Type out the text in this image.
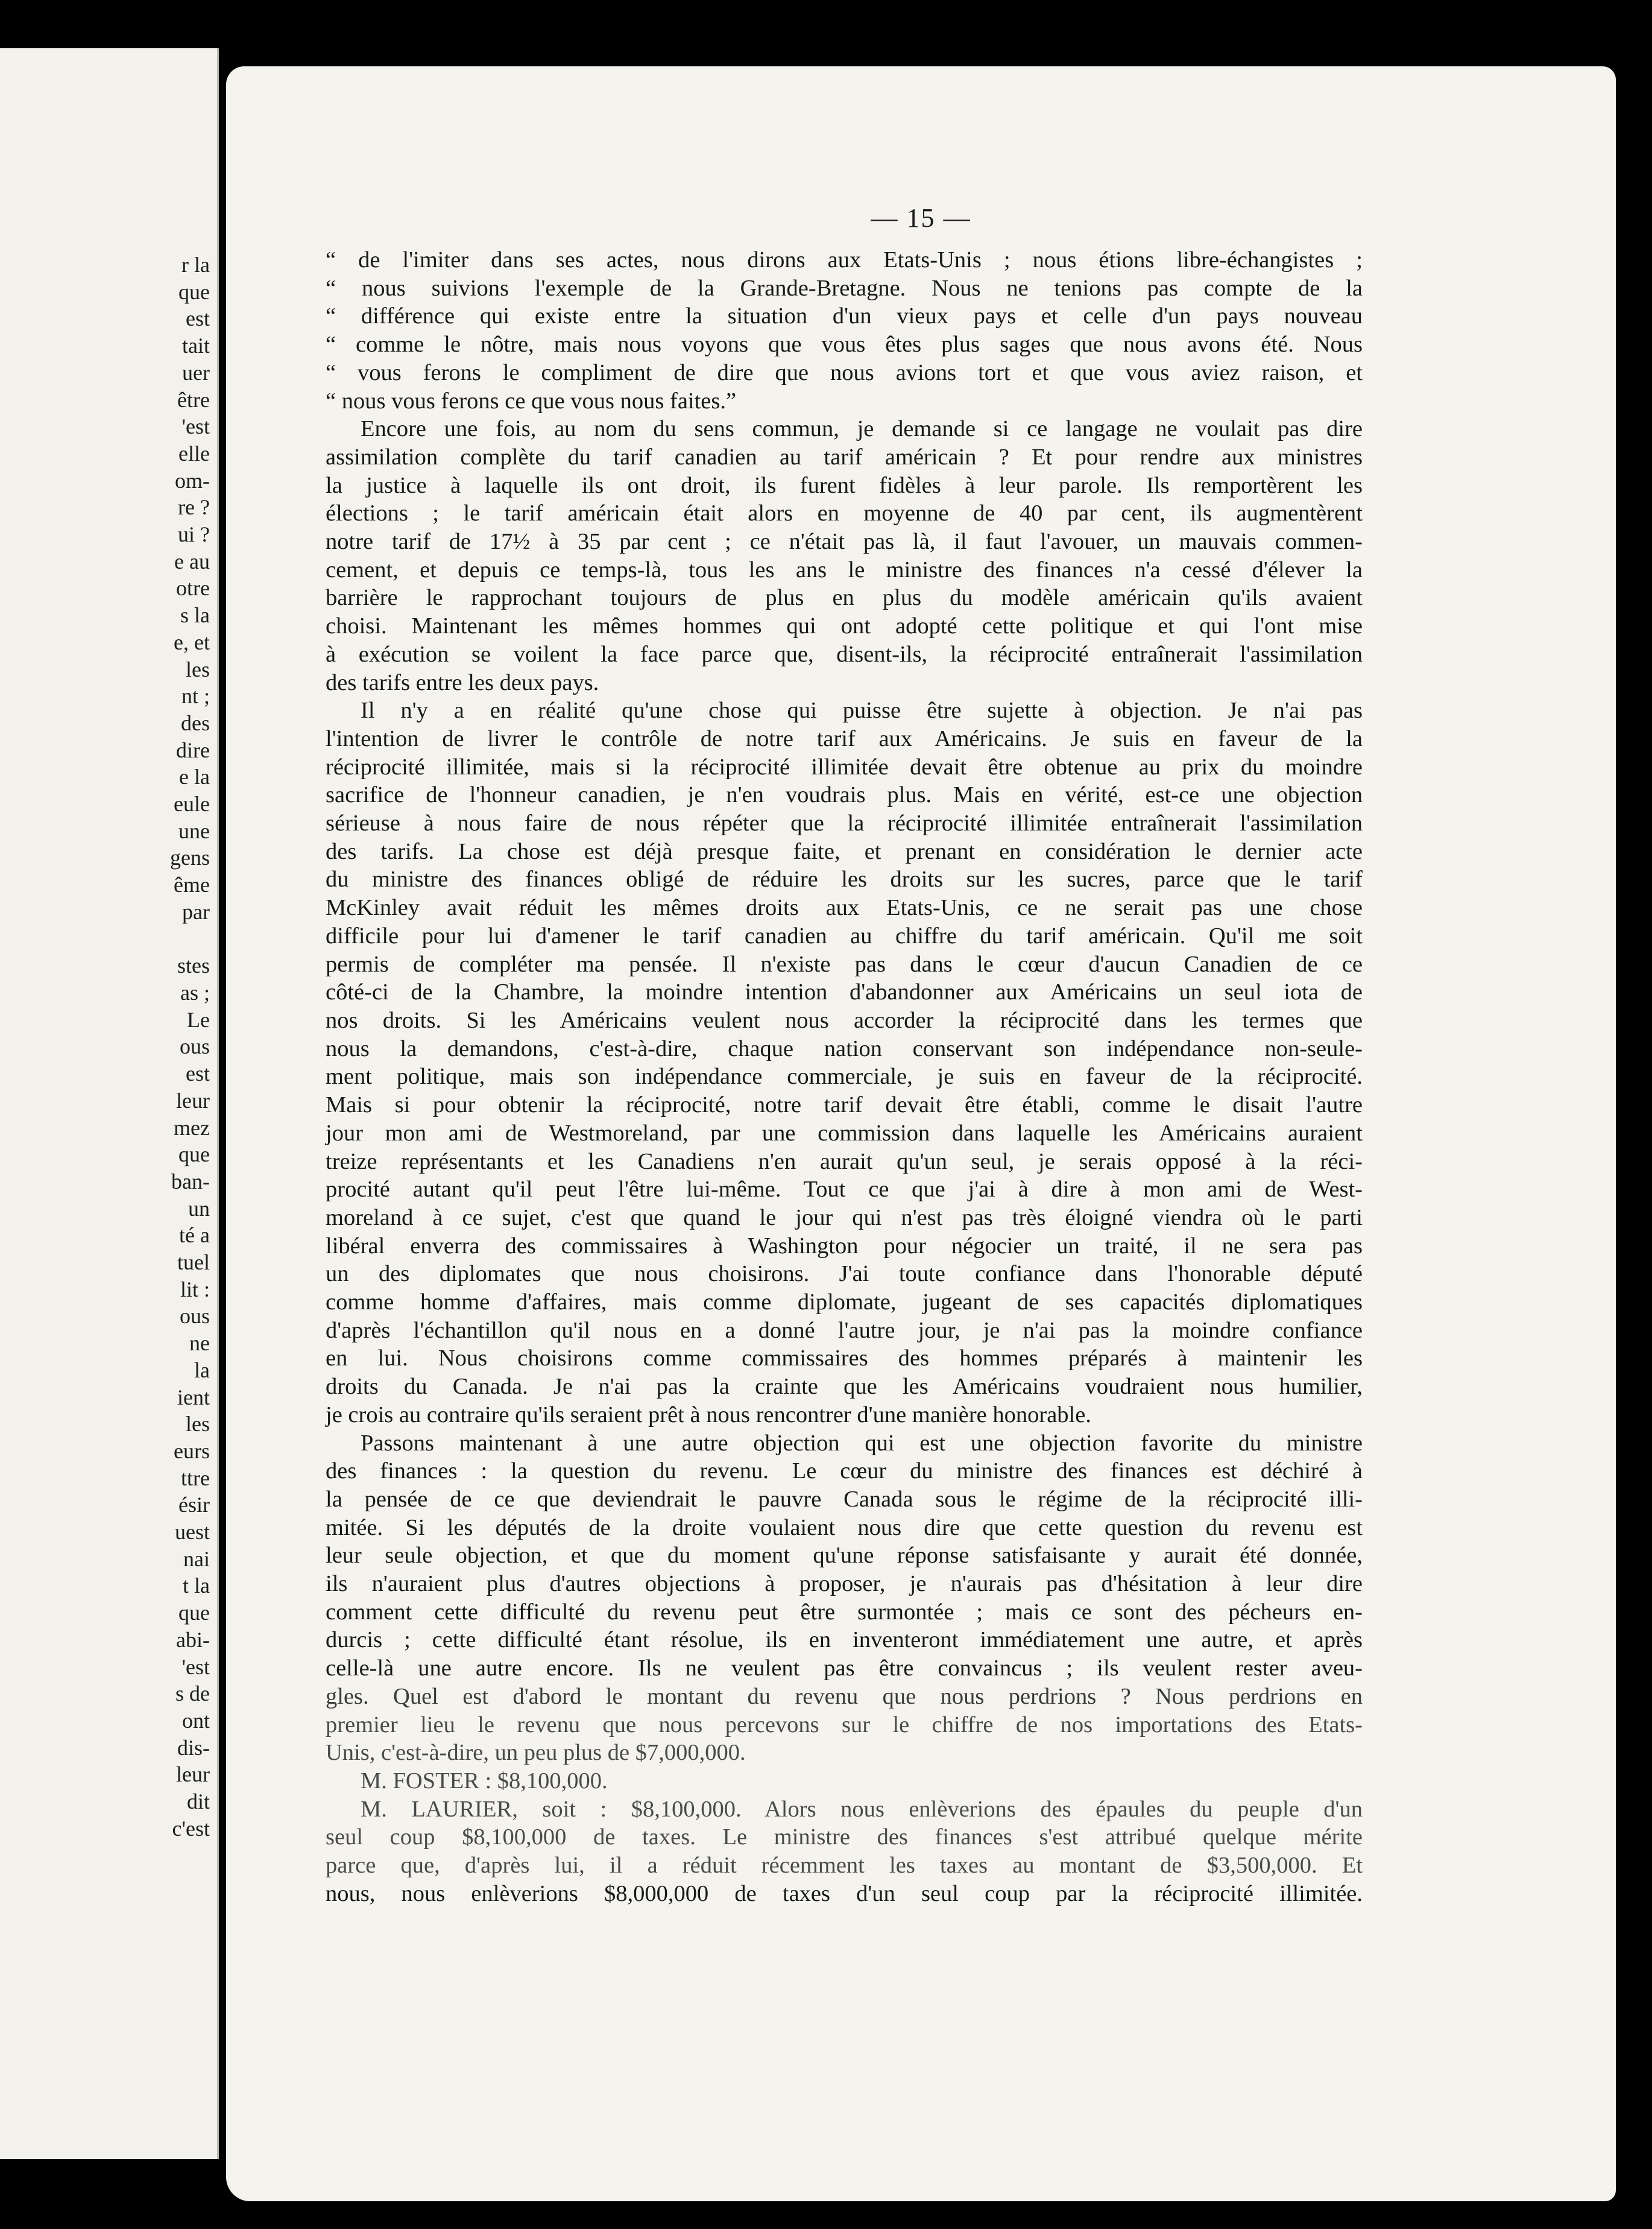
r la
que
est
tait
uer
être
'est
elle
om-
re ?
ui ?
e au
otre
s la
e, et
les
nt ;
des
dire
e la
eule
une
gens
ême
par

stes
as ;
Le
ous
est
leur
mez
que
ban-
un
té a
tuel
lit :
ous
ne
la
ient
les
eurs
ttre
ésir
uest
nai
t la
que
abi-
'est
s de
ont
dis-
leur
dit
c'est
— 15 —
“ de l'imiter dans ses actes, nous dirons aux Etats-Unis ; nous étions libre-échangistes ;
“ nous suivions l'exemple de la Grande-Bretagne. Nous ne tenions pas compte de la
“ différence qui existe entre la situation d'un vieux pays et celle d'un pays nouveau
“ comme le nôtre, mais nous voyons que vous êtes plus sages que nous avons été. Nous
“ vous ferons le compliment de dire que nous avions tort et que vous aviez raison, et
“ nous vous ferons ce que vous nous faites.”
Encore une fois, au nom du sens commun, je demande si ce langage ne voulait pas dire
assimilation complète du tarif canadien au tarif américain ? Et pour rendre aux ministres
la justice à laquelle ils ont droit, ils furent fidèles à leur parole. Ils remportèrent les
élections ; le tarif américain était alors en moyenne de 40 par cent, ils augmentèrent
notre tarif de 17½ à 35 par cent ; ce n'était pas là, il faut l'avouer, un mauvais commen-
cement, et depuis ce temps-là, tous les ans le ministre des finances n'a cessé d'élever la
barrière le rapprochant toujours de plus en plus du modèle américain qu'ils avaient
choisi. Maintenant les mêmes hommes qui ont adopté cette politique et qui l'ont mise
à exécution se voilent la face parce que, disent-ils, la réciprocité entraînerait l'assimilation
des tarifs entre les deux pays.
Il n'y a en réalité qu'une chose qui puisse être sujette à objection. Je n'ai pas
l'intention de livrer le contrôle de notre tarif aux Américains. Je suis en faveur de la
réciprocité illimitée, mais si la réciprocité illimitée devait être obtenue au prix du moindre
sacrifice de l'honneur canadien, je n'en voudrais plus. Mais en vérité, est-ce une objection
sérieuse à nous faire de nous répéter que la réciprocité illimitée entraînerait l'assimilation
des tarifs. La chose est déjà presque faite, et prenant en considération le dernier acte
du ministre des finances obligé de réduire les droits sur les sucres, parce que le tarif
McKinley avait réduit les mêmes droits aux Etats-Unis, ce ne serait pas une chose
difficile pour lui d'amener le tarif canadien au chiffre du tarif américain. Qu'il me soit
permis de compléter ma pensée. Il n'existe pas dans le cœur d'aucun Canadien de ce
côté-ci de la Chambre, la moindre intention d'abandonner aux Américains un seul iota de
nos droits. Si les Américains veulent nous accorder la réciprocité dans les termes que
nous la demandons, c'est-à-dire, chaque nation conservant son indépendance non-seule-
ment politique, mais son indépendance commerciale, je suis en faveur de la réciprocité.
Mais si pour obtenir la réciprocité, notre tarif devait être établi, comme le disait l'autre
jour mon ami de Westmoreland, par une commission dans laquelle les Américains auraient
treize représentants et les Canadiens n'en aurait qu'un seul, je serais opposé à la réci-
procité autant qu'il peut l'être lui-même. Tout ce que j'ai à dire à mon ami de West-
moreland à ce sujet, c'est que quand le jour qui n'est pas très éloigné viendra où le parti
libéral enverra des commissaires à Washington pour négocier un traité, il ne sera pas
un des diplomates que nous choisirons. J'ai toute confiance dans l'honorable député
comme homme d'affaires, mais comme diplomate, jugeant de ses capacités diplomatiques
d'après l'échantillon qu'il nous en a donné l'autre jour, je n'ai pas la moindre confiance
en lui. Nous choisirons comme commissaires des hommes préparés à maintenir les
droits du Canada. Je n'ai pas la crainte que les Américains voudraient nous humilier,
je crois au contraire qu'ils seraient prêt à nous rencontrer d'une manière honorable.
Passons maintenant à une autre objection qui est une objection favorite du ministre
des finances : la question du revenu. Le cœur du ministre des finances est déchiré à
la pensée de ce que deviendrait le pauvre Canada sous le régime de la réciprocité illi-
mitée. Si les députés de la droite voulaient nous dire que cette question du revenu est
leur seule objection, et que du moment qu'une réponse satisfaisante y aurait été donnée,
ils n'auraient plus d'autres objections à proposer, je n'aurais pas d'hésitation à leur dire
comment cette difficulté du revenu peut être surmontée ; mais ce sont des pécheurs en-
durcis ; cette difficulté étant résolue, ils en inventeront immédiatement une autre, et après
celle-là une autre encore. Ils ne veulent pas être convaincus ; ils veulent rester aveu-
gles. Quel est d'abord le montant du revenu que nous perdrions ? Nous perdrions en
premier lieu le revenu que nous percevons sur le chiffre de nos importations des Etats-
Unis, c'est-à-dire, un peu plus de $7,000,000.
M. FOSTER : $8,100,000.
M. LAURIER, soit : $8,100,000. Alors nous enlèverions des épaules du peuple d'un
seul coup $8,100,000 de taxes. Le ministre des finances s'est attribué quelque mérite
parce que, d'après lui, il a réduit récemment les taxes au montant de $3,500,000. Et
nous, nous enlèverions $8,000,000 de taxes d'un seul coup par la réciprocité illimitée.
